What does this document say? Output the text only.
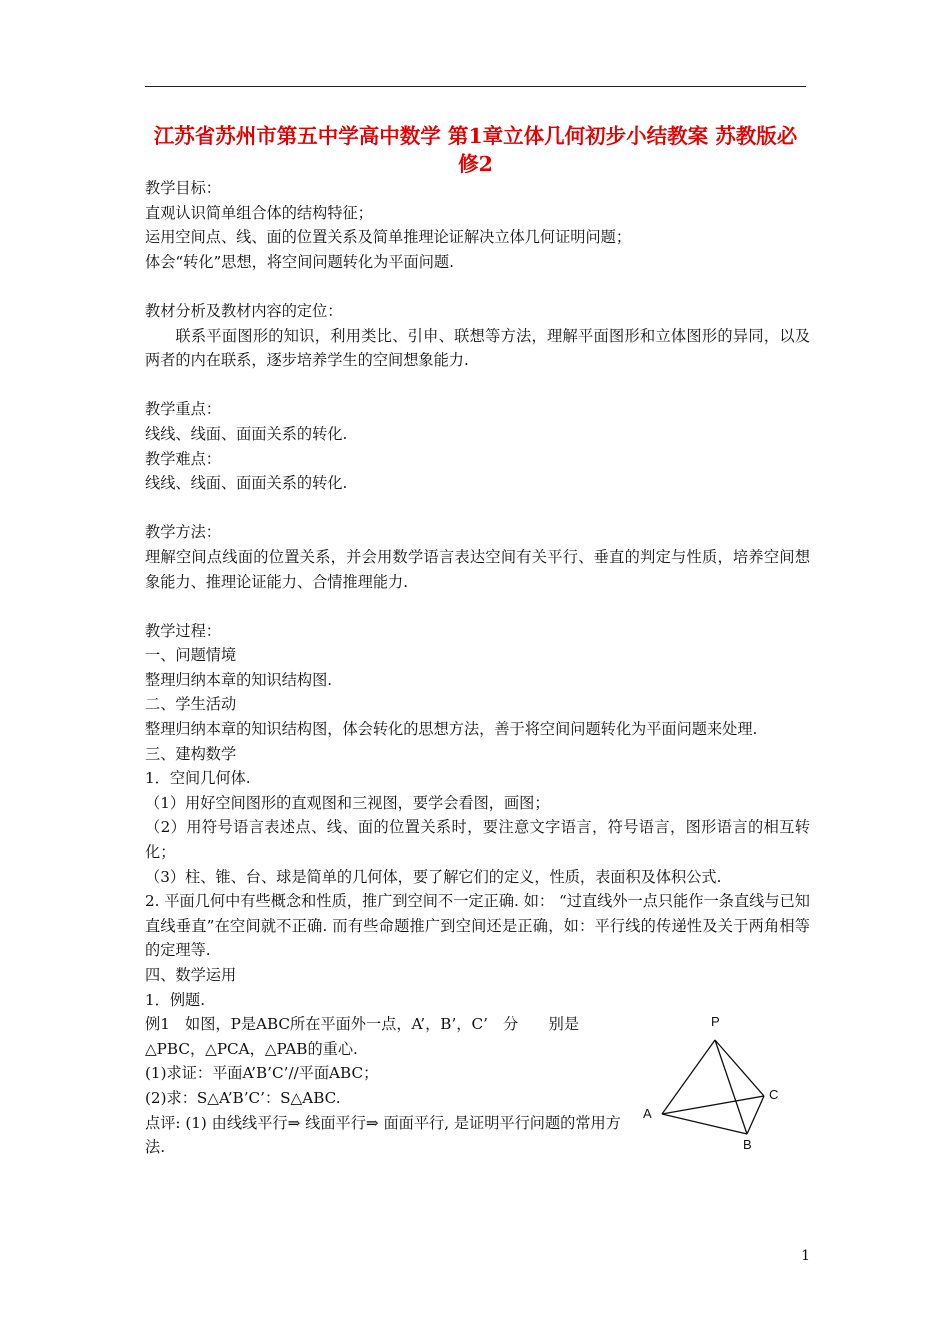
江苏省苏州市第五中学高中数学 第1章立体几何初步小结教案 苏教版必修2

教学目标：

直观认识简单组合体的结构特征；

运用空间点、线、面的位置关系及简单推理论证解决立体几何证明问题；

体会“转化”思想，将空间问题转化为平面问题.

教材分析及教材内容的定位：

联系平面图形的知识，利用类比、引申、联想等方法，理解平面图形和立体图形的异同，以及两者的内在联系，逐步培养学生的空间想象能力.

教学重点：

线线、线面、面面关系的转化.

教学难点：

线线、线面、面面关系的转化.

教学方法：

理解空间点线面的位置关系，并会用数学语言表达空间有关平行、垂直的判定与性质，培养空间想象能力、推理论证能力、合情推理能力.

教学过程：

一、问题情境

整理归纳本章的知识结构图.

二、学生活动

整理归纳本章的知识结构图，体会转化的思想方法，善于将空间问题转化为平面问题来处理.

三、建构数学

1．空间几何体.

（1）用好空间图形的直观图和三视图，要学会看图，画图；

（2）用符号语言表述点、线、面的位置关系时，要注意文字语言，符号语言，图形语言的相互转化；

（3）柱、锥、台、球是简单的几何体，要了解它们的定义，性质，表面积及体积公式.

2. 平面几何中有些概念和性质，推广到空间不一定正确. 如： “过直线外一点只能作一条直线与已知直线垂直”在空间就不正确. 而有些命题推广到空间还是正确，如：平行线的传递性及关于两角相等的定理等.

四、数学运用

1．例题.

例1　如图，P是ABC所在平面外一点，A’，B’，C’　分　　别是△PBC，△PCA，△PAB的重心.

(1)求证：平面A’B’C’//平面ABC；

(2)求：S△A’B’C’：S△ABC.

点评: (1) 由线线平行⇒ 线面平行⇒ 面面平行, 是证明平行问题的常用方法.

P
A
B
C
1
